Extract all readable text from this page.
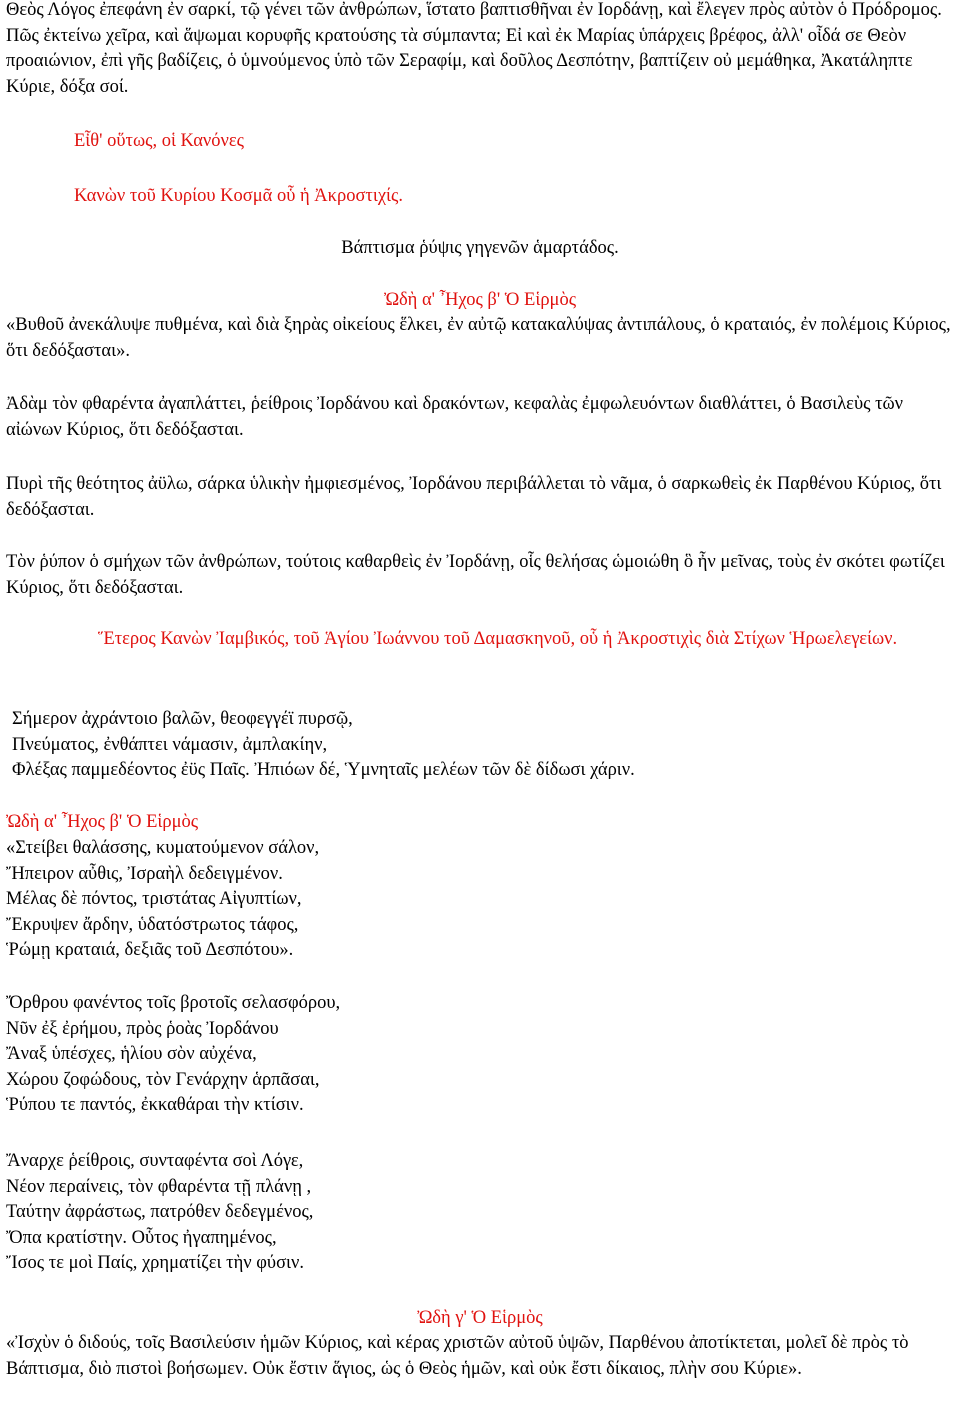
Θεὸς Λόγος ἐπεφάνη ἐν σαρκί, τῷ γένει τῶν ἀνθρώπων, ἵστατο βαπτισθῆναι ἐν Ιορδάνῃ, καὶ ἔλεγεν πρὸς αὐτὸν ὁ Πρόδρομος. Πῶς ἐκτείνω χεῖρα, καὶ ἅψωμαι κορυφῆς κρατούσης τὰ σύμπαντα; Εἰ καὶ ἐκ Μαρίας ὑπάρχεις βρέφος, ἀλλ' οἶδά σε Θεὸν προαιώνιον, ἐπὶ γῆς βαδίζεις, ὁ ὑμνούμενος ὑπὸ τῶν Σεραφίμ, καὶ δοῦλος Δεσπότην, βαπτίζειν οὐ μεμάθηκα, Ἀκατάληπτε Κύριε, δόξα σοί.

Εἶθ' οὕτως, οἱ Κανόνες

Κανὼν τοῦ Κυρίου Κοσμᾶ οὗ ἡ Ἀκροστιχίς.

Βάπτισμα ῥύψις γηγενῶν ἁμαρτάδος.

Ὠδὴ α' Ἦχος β' Ὁ Εἱρμὸς

«Βυθοῦ ἀνεκάλυψε πυθμένα, καὶ διὰ ξηρὰς οἰκείους ἕλκει, ἐν αὐτῷ κατακαλύψας ἀντιπάλους, ὁ κραταιός, ἐν πολέμοις Κύριος, ὅτι δεδόξασται».

Ἀδὰμ τὸν φθαρέντα ἀγαπλάττει, ῥείθροις Ἰορδάνου καὶ δρακόντων, κεφαλὰς ἐμφωλευόντων διαθλάττει, ὁ Βασιλεὺς τῶν αἰώνων Κύριος, ὅτι δεδόξασται.

Πυρὶ τῆς θεότητος ἀϋλω, σάρκα ὑλικὴν ἠμφιεσμένος, Ἰορδάνου περιβάλλεται τὸ νᾶμα, ὁ σαρκωθεὶς ἐκ Παρθένου Κύριος, ὅτι δεδόξασται.

Τὸν ῥύπον ὁ σμήχων τῶν ἀνθρώπων, τούτοις καθαρθεὶς ἐν Ἰορδάνῃ, οἷς θελήσας ὡμοιώθη ὃ ἦν μεῖνας, τοὺς ἐν σκότει φωτίζει Κύριος, ὅτι δεδόξασται.

Ἕτερος Κανὼν Ἰαμβικός, τοῦ Ἁγίου Ἰωάννου τοῦ Δαμασκηνοῦ, οὗ ἡ Ἀκροστιχὶς διὰ Στίχων Ἡρωελεγείων.

Σήμερον ἀχράντοιο βαλῶν, θεοφεγγέϊ πυρσῷ,
Πνεύματος, ἐνθάπτει νάμασιν, ἀμπλακίην,
Φλέξας παμμεδέοντος ἐϋς Παῖς. Ἠπιόων δέ, Ὑμνηταῖς μελέων τῶν δὲ δίδωσι χάριν.

Ὠδὴ α' Ἦχος β' Ὁ Εἱρμὸς

«Στείβει θαλάσσης, κυματούμενον σάλον,
Ἤπειρον αὖθις, Ἰσραὴλ δεδειγμένον.
Μέλας δὲ πόντος, τριστάτας Αἰγυπτίων,
Ἔκρυψεν ἄρδην, ὑδατόστρωτος τάφος,
Ῥώμῃ κραταιά, δεξιᾶς τοῦ Δεσπότου».
Ὄρθρου φανέντος τοῖς βροτοῖς σελασφόρου,
Νῦν ἐξ ἐρήμου, πρὸς ῥοὰς Ἰορδάνου
Ἄναξ ὑπέσχες, ἡλίου σὸν αὐχένα,
Χώρου ζοφώδους, τὸν Γενάρχην ἁρπᾶσαι,
Ῥύπου τε παντός, ἐκκαθάραι τὴν κτίσιν.
Ἄναρχε ῥείθροις, συνταφέντα σοὶ Λόγε,
Νέον περαίνεις, τὸν φθαρέντα τῇ πλάνῃ ,
Ταύτην ἀφράστως, πατρόθεν δεδεγμένος,
Ὄπα κρατίστην. Οὗτος ἠγαπημένος,
Ἴσος τε μοὶ Παίς, χρηματίζει τὴν φύσιν.

Ὠδὴ γ' Ὁ Εἱρμὸς

«Ἰσχὺν ὁ διδούς, τοῖς Βασιλεύσιν ἡμῶν Κύριος, καὶ κέρας χριστῶν αὐτοῦ ὑψῶν, Παρθένου ἀποτίκτεται, μολεῖ δὲ πρὸς τὸ Βάπτισμα, διὸ πιστοὶ βοήσωμεν. Οὐκ ἔστιν ἅγιος, ὡς ὁ Θεὸς ἡμῶν, καὶ οὐκ ἔστι δίκαιος, πλὴν σου Κύριε».
